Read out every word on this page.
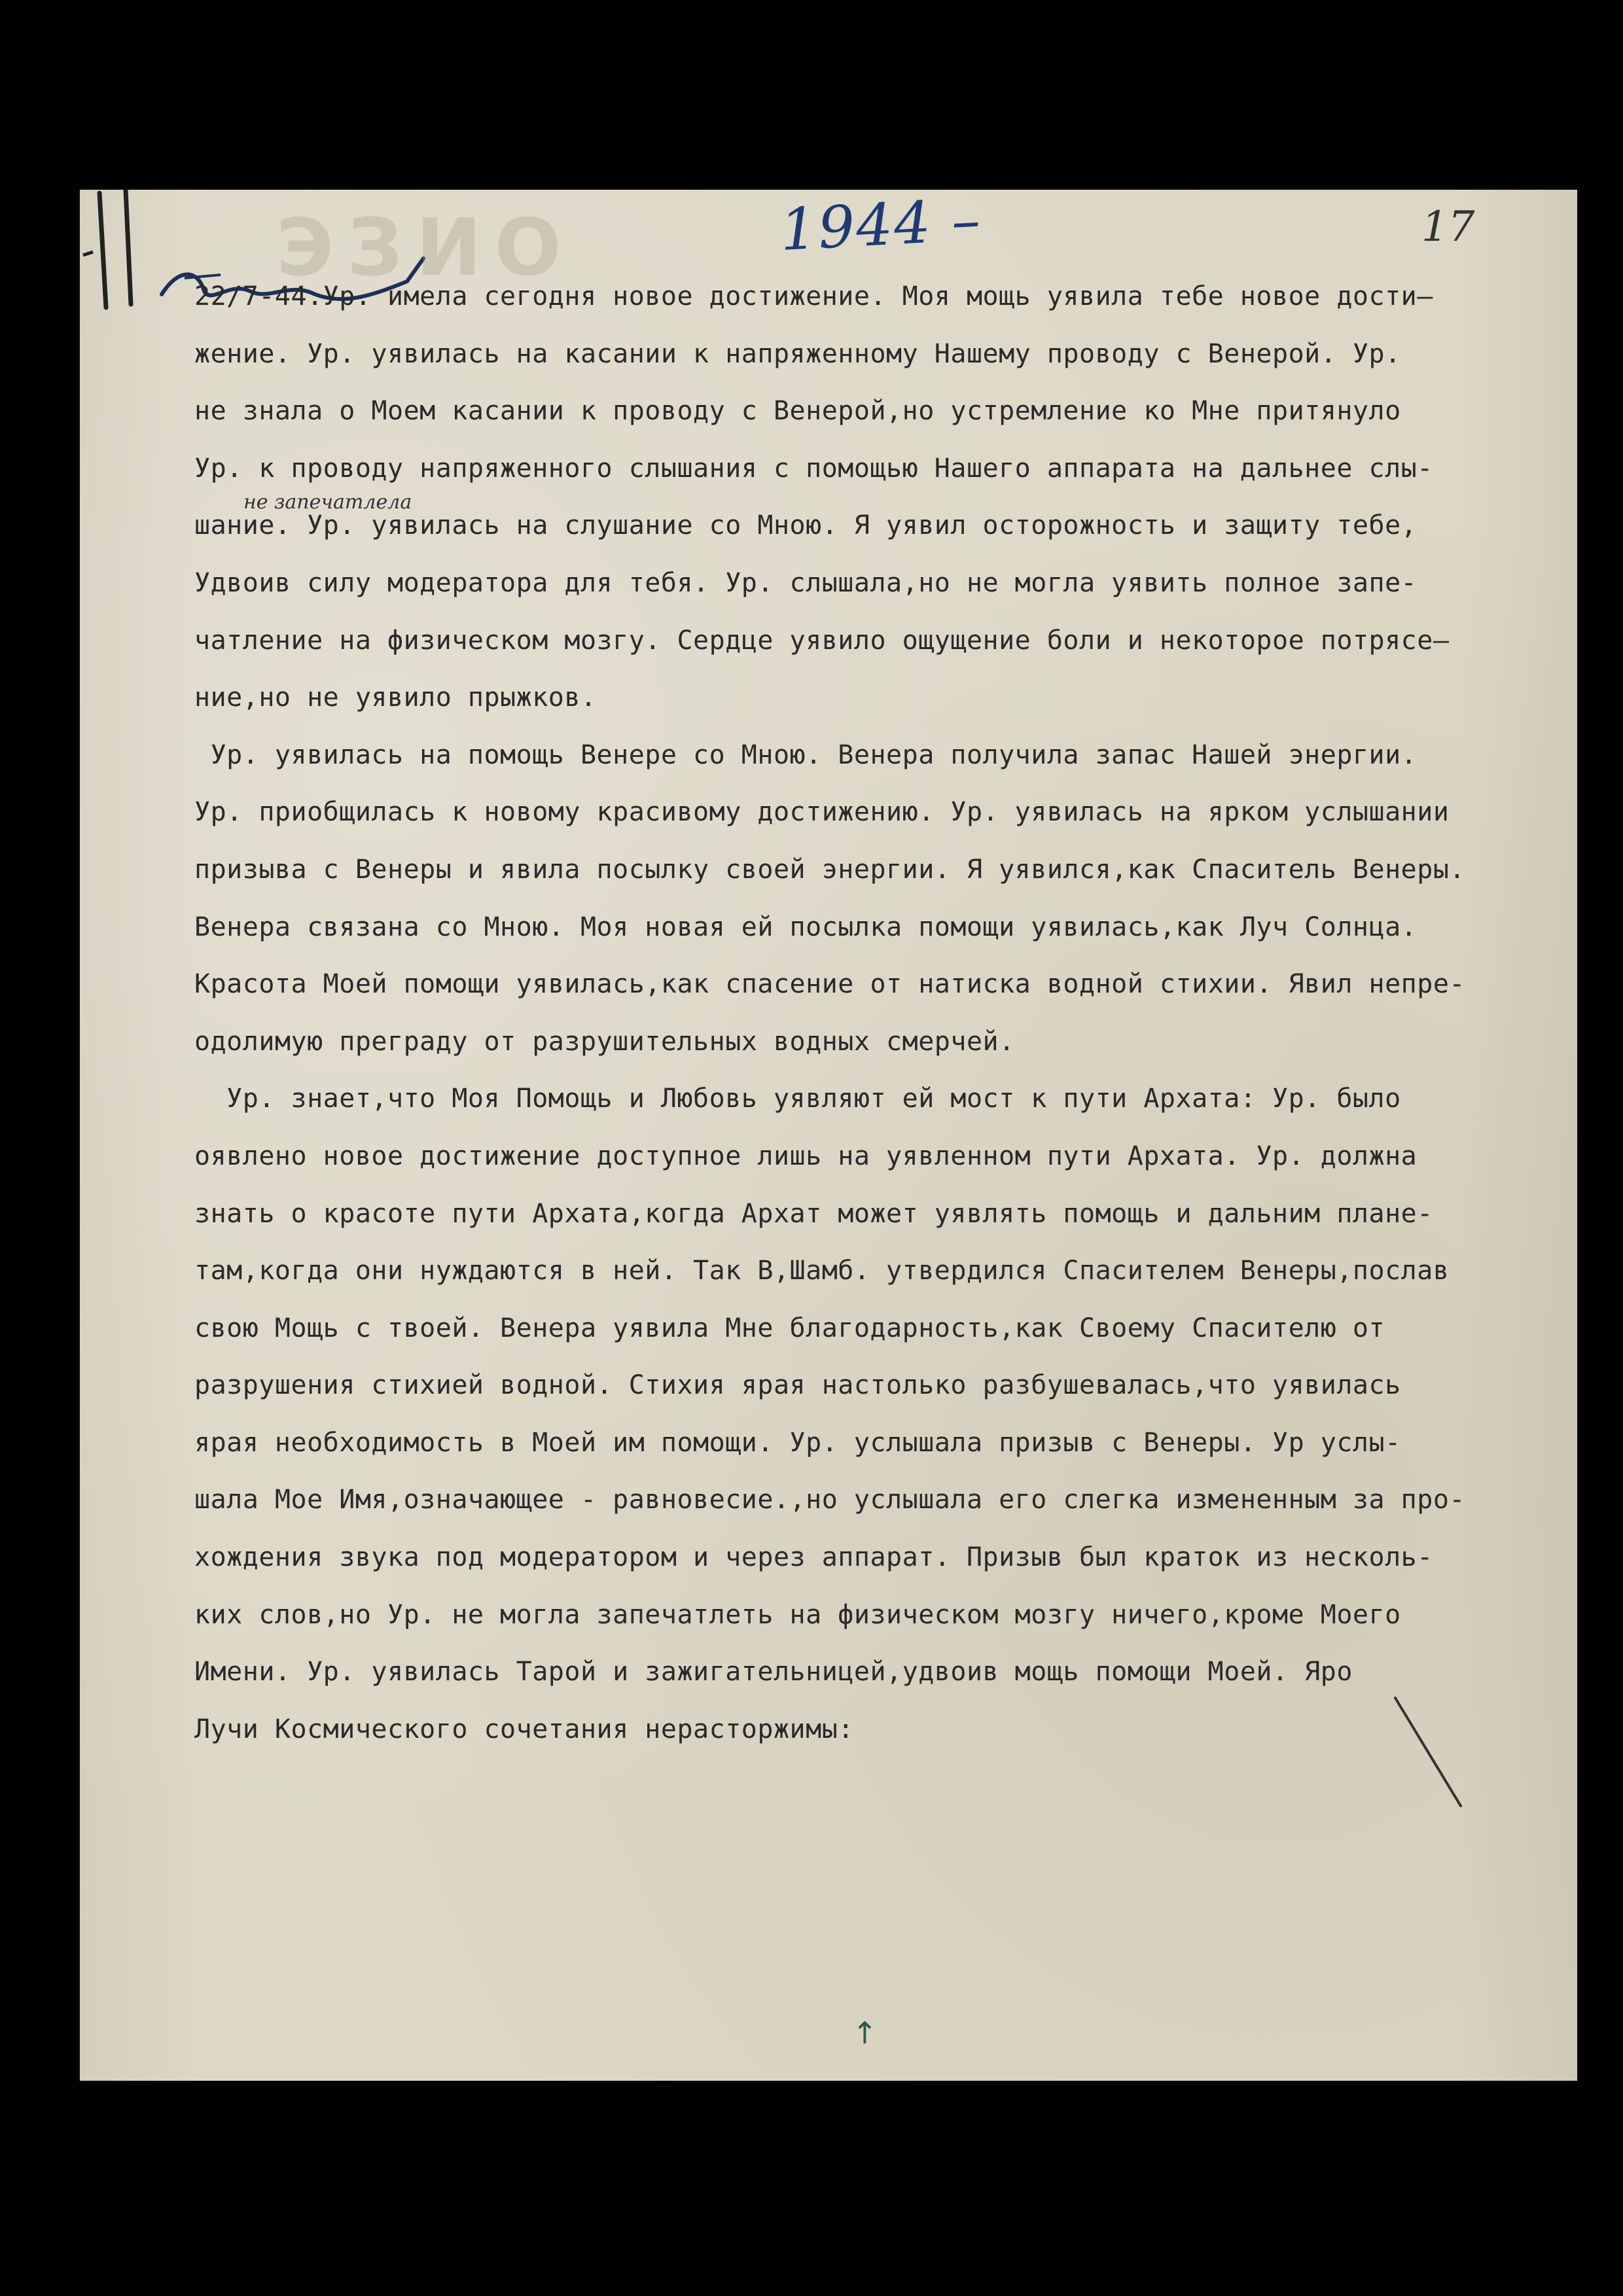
ЭЗИО
	1944 –	17
не запечатлела
22/7-44.Ур. имела сегодня новое достижение. Моя мощь уявила тебе новое дости–
жение. Ур. уявилась на касании к напряженному Нашему проводу с Венерой. Ур.
не знала о Моем касании к проводу с Венерой,но устремление ко Мне притянуло
Ур. к проводу напряженного слышания с помощью Нашего аппарата на дальнее слы-
шание. Ур. уявилась на слушание со Мною. Я уявил осторожность и защиту тебе,
Удвоив силу модератора для тебя. Ур. слышала,но не могла уявить полное запе-
чатление на физическом мозгу. Сердце уявило ощущение боли и некоторое потрясе–
ние,но не уявило прыжков.
Ур. уявилась на помощь Венере со Мною. Венера получила запас Нашей энергии.
Ур. приобщилась к новому красивому достижению. Ур. уявилась на ярком услышании
призыва с Венеры и явила посылку своей энергии. Я уявился,как Спаситель Венеры.
Венера связана со Мною. Моя новая ей посылка помощи уявилась,как Луч Солнца.
Красота Моей помощи уявилась,как спасение от натиска водной стихии. Явил непре-
одолимую преграду от разрушительных водных смерчей.
Ур. знает,что Моя Помощь и Любовь уявляют ей мост к пути Архата: Ур. было
оявлено новое достижение доступное лишь на уявленном пути Архата. Ур. должна
знать о красоте пути Архата,когда Архат может уявлять помощь и дальним плане-
там,когда они нуждаются в ней. Так В,Шамб. утвердился Спасителем Венеры,послав
свою Мощь с твоей. Венера уявила Мне благодарность,как Своему Спасителю от
разрушения стихией водной. Стихия ярая настолько разбушевалась,что уявилась
ярая необходимость в Моей им помощи. Ур. услышала призыв с Венеры. Ур услы-
шала Мое Имя,означающее - равновесие.,но услышала его слегка измененным за про-
хождения звука под модератором и через аппарат. Призыв был краток из несколь-
ких слов,но Ур. не могла запечатлеть на физическом мозгу ничего,кроме Моего
Имени. Ур. уявилась Тарой и зажигательницей,удвоив мощь помощи Моей. Ярo
Лучи Космического сочетания нерасторжимы:
↑
